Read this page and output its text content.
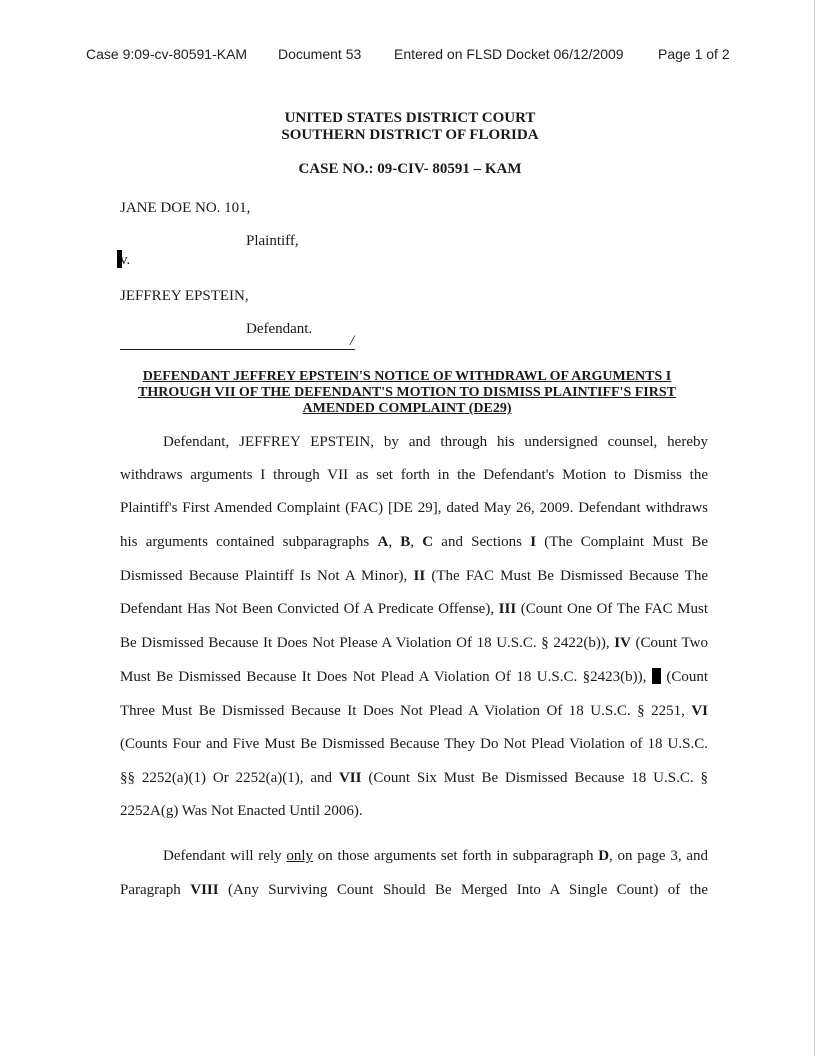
Case 9:09-cv-80591-KAM Document 53 Entered on FLSD Docket 06/12/2009 Page 1 of 2
UNITED STATES DISTRICT COURT
SOUTHERN DISTRICT OF FLORIDA
CASE NO.: 09-CIV- 80591 – KAM
JANE DOE NO. 101,
Plaintiff,
v.
JEFFREY EPSTEIN,
Defendant.
/
DEFENDANT JEFFREY EPSTEIN'S NOTICE OF WITHDRAWL OF ARGUMENTS I
THROUGH VII OF THE DEFENDANT'S MOTION TO DISMISS PLAINTIFF'S FIRST
AMENDED COMPLAINT (DE29)
Defendant, JEFFREY EPSTEIN, by and through his undersigned counsel, hereby
withdraws arguments I through VII as set forth in the Defendant's Motion to Dismiss the
Plaintiff's First Amended Complaint (FAC) [DE 29], dated May 26, 2009. Defendant withdraws
his arguments contained subparagraphs A, B, C and Sections I (The Complaint Must Be
Dismissed Because Plaintiff Is Not A Minor), II (The FAC Must Be Dismissed Because The
Defendant Has Not Been Convicted Of A Predicate Offense), III (Count One Of The FAC Must
Be Dismissed Because It Does Not Please A Violation Of 18 U.S.C. § 2422(b)), IV (Count Two
Must Be Dismissed Because It Does Not Plead A Violation Of 18 U.S.C. §2423(b)),  (Count
Three Must Be Dismissed Because It Does Not Plead A Violation Of 18 U.S.C. § 2251, VI
(Counts Four and Five Must Be Dismissed Because They Do Not Plead Violation of 18 U.S.C.
§§ 2252(a)(1) Or 2252(a)(1), and VII (Count Six Must Be Dismissed Because 18 U.S.C. §
2252A(g) Was Not Enacted Until 2006).
Defendant will rely only on those arguments set forth in subparagraph D, on page 3, and
Paragraph VIII (Any Surviving Count Should Be Merged Into A Single Count) of the
